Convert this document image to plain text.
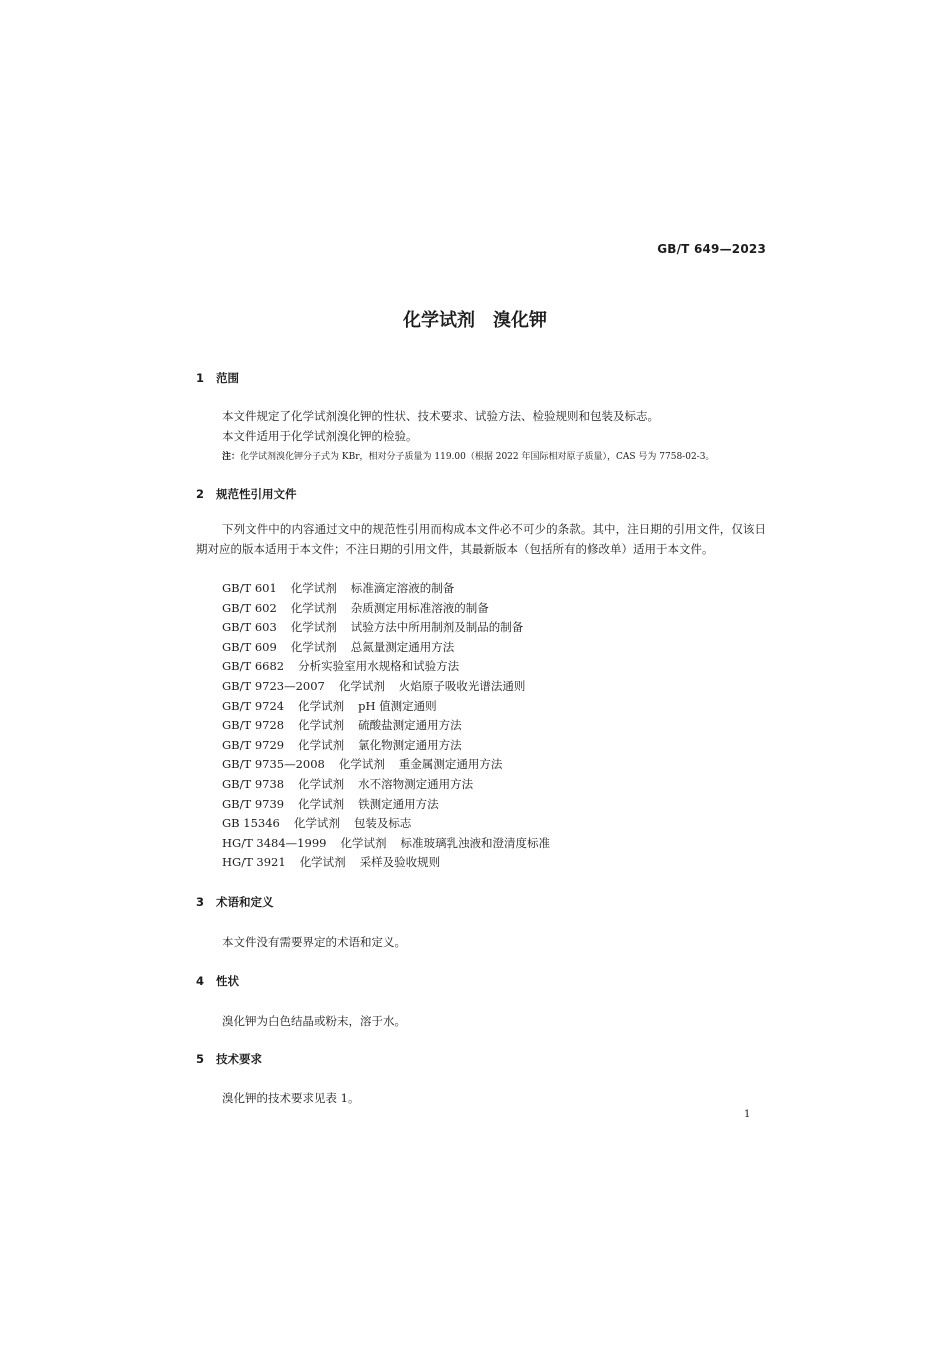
GB/T 649—2023
化学试剂　溴化钾
1 范围
本文件规定了化学试剂溴化钾的性状、技术要求、试验方法、检验规则和包装及标志。
本文件适用于化学试剂溴化钾的检验。
注：化学试剂溴化钾分子式为 KBr，相对分子质量为 119.00（根据 2022 年国际相对原子质量），CAS 号为 7758-02-3。
2 规范性引用文件
下列文件中的内容通过文中的规范性引用而构成本文件必不可少的条款。其中，注日期的引用文件，仅该日期对应的版本适用于本文件；不注日期的引用文件，其最新版本（包括所有的修改单）适用于本文件。
GB/T 601 化学试剂 标准滴定溶液的制备
GB/T 602 化学试剂 杂质测定用标准溶液的制备
GB/T 603 化学试剂 试验方法中所用制剂及制品的制备
GB/T 609 化学试剂 总氮量测定通用方法
GB/T 6682 分析实验室用水规格和试验方法
GB/T 9723—2007 化学试剂 火焰原子吸收光谱法通则
GB/T 9724 化学试剂 pH 值测定通则
GB/T 9728 化学试剂 硫酸盐测定通用方法
GB/T 9729 化学试剂 氯化物测定通用方法
GB/T 9735—2008 化学试剂 重金属测定通用方法
GB/T 9738 化学试剂 水不溶物测定通用方法
GB/T 9739 化学试剂 铁测定通用方法
GB 15346 化学试剂 包装及标志
HG/T 3484—1999 化学试剂 标准玻璃乳浊液和澄清度标准
HG/T 3921 化学试剂 采样及验收规则
3 术语和定义
本文件没有需要界定的术语和定义。
4 性状
溴化钾为白色结晶或粉末，溶于水。
5 技术要求
溴化钾的技术要求见表 1。
1
